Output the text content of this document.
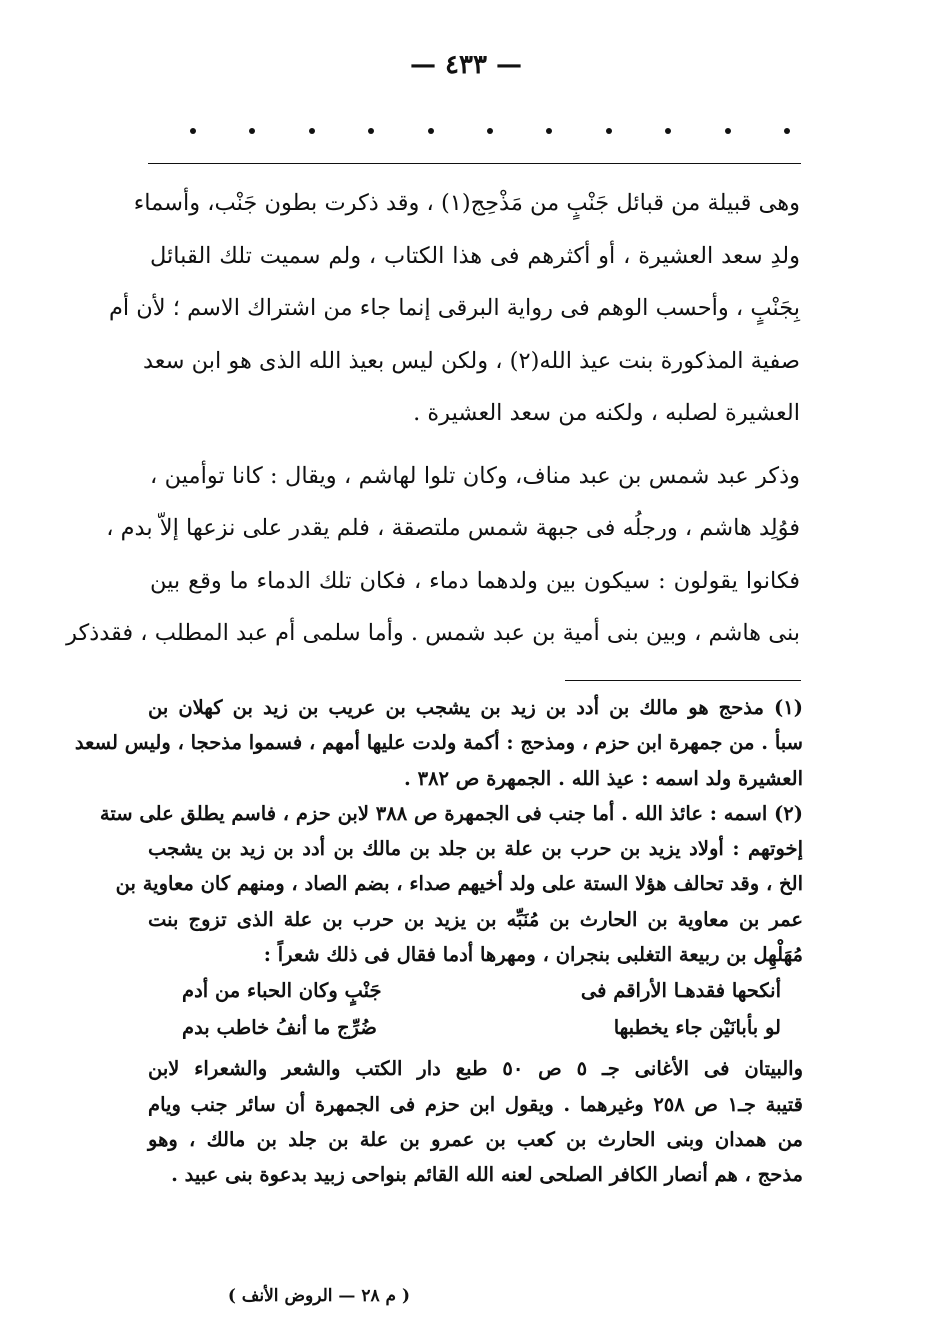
— ٤٣٣ —
وهى قبيلة من قبائل جَنْبٍ من مَذْحِج(١) ، وقد ذكرت بطون جَنْب، وأسماء
ولدِ سعد العشيرة ، أو أكثرهم فى هذا الكتاب ، ولم سميت تلك القبائل
بِجَنْبٍ ، وأحسب الوهم فى رواية البرقى إنما جاء من اشتراك الاسم ؛ لأن أم
صفية المذكورة بنت عيذ الله(٢) ، ولكن ليس بعيذ الله الذى هو ابن سعد
العشيرة لصلبه ، ولكنه من سعد العشيرة .
وذكر عبد شمس بن عبد مناف، وكان تلوا لهاشم ، ويقال : كانا توأمين ،
فوُلِد هاشم ، ورجلُه فى جبهة شمس ملتصقة ، فلم يقدر على نزعها إلاّ بدم ،
فكانوا يقولون : سيكون بين ولدهما دماء ، فكان تلك الدماء ما وقع بين
بنى هاشم ، وبين بنى أمية بن عبد شمس . وأما سلمى أم عبد المطلب ، فقدذكر
(١) مذحج هو مالك بن أدد بن زيد بن يشجب بن عريب بن زيد بن كهلان بن
سبأ . من جمهرة ابن حزم ، ومذحج : أكمة ولدت عليها أمهم ، فسموا مذحجا ، وليس لسعد
العشيرة ولد اسمه : عيذ الله . الجمهرة ص ٣٨٢ .
(٢) اسمه : عائذ الله . أما جنب فى الجمهرة ص ٣٨٨ لابن حزم ، فاسم يطلق على ستة
إخوتهم : أولاد يزيد بن حرب بن علة بن جلد بن مالك بن أدد بن زيد بن يشجب
الخ ، وقد تحالف هؤلا الستة على ولد أخيهم صداء ، بضم الصاد ، ومنهم كان معاوية بن
عمر بن معاوية بن الحارث بن مُنَبِّه بن يزيد بن حرب بن علة الذى تزوج بنت
مُهَلْهِل بن ربيعة التغلبى بنجران ، ومهرها أدما فقال فى ذلك شعراً :
أنكحها فقدهـا الأراقم فى
جَنْبٍ وكان الحباء من أدم
لو بأبانَيْن جاء يخطبها
ضُرِّج ما أنفُ خاطب بدم
والبيتان فى الأغانى جـ ٥ ص ٥٠ طبع دار الكتب والشعر والشعراء لابن
قتيبة جـ١ ص ٢٥٨ وغيرهما . ويقول ابن حزم فى الجمهرة أن سائر جنب ويام
من همدان وبنى الحارث بن كعب بن عمرو بن علة بن جلد بن مالك ، وهو
مذحج ، هم أنصار الكافر الصلحى لعنه الله القائم بنواحى زبيد بدعوة بنى عبيد .
( م ٢٨ — الروض الأنف )
